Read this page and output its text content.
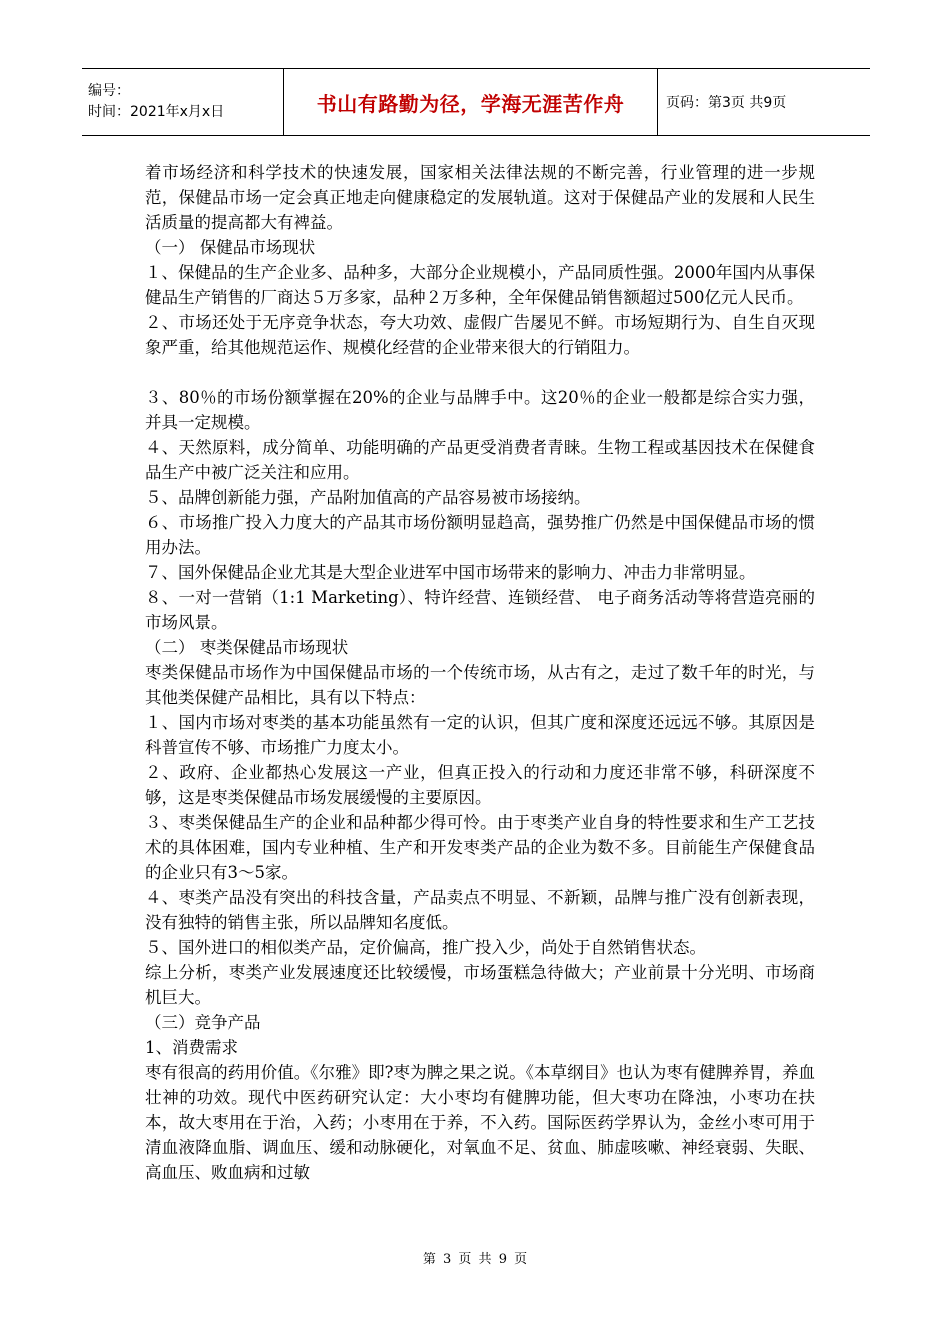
编号：
时间：2021年x月x日	书山有路勤为径，学海无涯苦作舟	页码：第3页 共9页

着市场经济和科学技术的快速发展，国家相关法律法规的不断完善，行业管理的进一步规范，保健品市场一定会真正地走向健康稳定的发展轨道。这对于保健品产业的发展和人民生活质量的提高都大有裨益。

（一） 保健品市场现状

１、保健品的生产企业多、品种多，大部分企业规模小，产品同质性强。2000年国内从事保健品生产销售的厂商达５万多家，品种２万多种，全年保健品销售额超过500亿元人民币。

２、市场还处于无序竞争状态，夸大功效、虚假广告屡见不鲜。市场短期行为、自生自灭现象严重，给其他规范运作、规模化经营的企业带来很大的行销阻力。

３、80％的市场份额掌握在20%的企业与品牌手中。这20％的企业一般都是综合实力强，并具一定规模。

４、天然原料，成分简单、功能明确的产品更受消费者青睐。生物工程或基因技术在保健食品生产中被广泛关注和应用。

５、品牌创新能力强，产品附加值高的产品容易被市场接纳。

６、市场推广投入力度大的产品其市场份额明显趋高，强势推广仍然是中国保健品市场的惯用办法。

７、国外保健品企业尤其是大型企业进军中国市场带来的影响力、冲击力非常明显。

８、一对一营销（1:1 Marketing）、特许经营、连锁经营、 电子商务活动等将营造亮丽的市场风景。

（二） 枣类保健品市场现状

枣类保健品市场作为中国保健品市场的一个传统市场，从古有之，走过了数千年的时光，与其他类保健产品相比，具有以下特点：

１、国内市场对枣类的基本功能虽然有一定的认识，但其广度和深度还远远不够。其原因是科普宣传不够、市场推广力度太小。

２、政府、企业都热心发展这一产业，但真正投入的行动和力度还非常不够，科研深度不够，这是枣类保健品市场发展缓慢的主要原因。

３、枣类保健品生产的企业和品种都少得可怜。由于枣类产业自身的特性要求和生产工艺技术的具体困难，国内专业种植、生产和开发枣类产品的企业为数不多。目前能生产保健食品的企业只有3～5家。

４、枣类产品没有突出的科技含量，产品卖点不明显、不新颖，品牌与推广没有创新表现，没有独特的销售主张，所以品牌知名度低。

５、国外进口的相似类产品，定价偏高，推广投入少，尚处于自然销售状态。

综上分析，枣类产业发展速度还比较缓慢，市场蛋糕急待做大；产业前景十分光明、市场商机巨大。

（三）竞争产品

1、消费需求

枣有很高的药用价值。《尔雅》即?枣为脾之果之说。《本草纲目》也认为枣有健脾养胃，养血壮神的功效。现代中医药研究认定：大小枣均有健脾功能，但大枣功在降浊，小枣功在扶本，故大枣用在于治，入药；小枣用在于养，不入药。国际医药学界认为，金丝小枣可用于清血液降血脂、调血压、缓和动脉硬化，对氧血不足、贫血、肺虚咳嗽、神经衰弱、失眠、高血压、败血病和过敏

第 3 页 共 9 页
